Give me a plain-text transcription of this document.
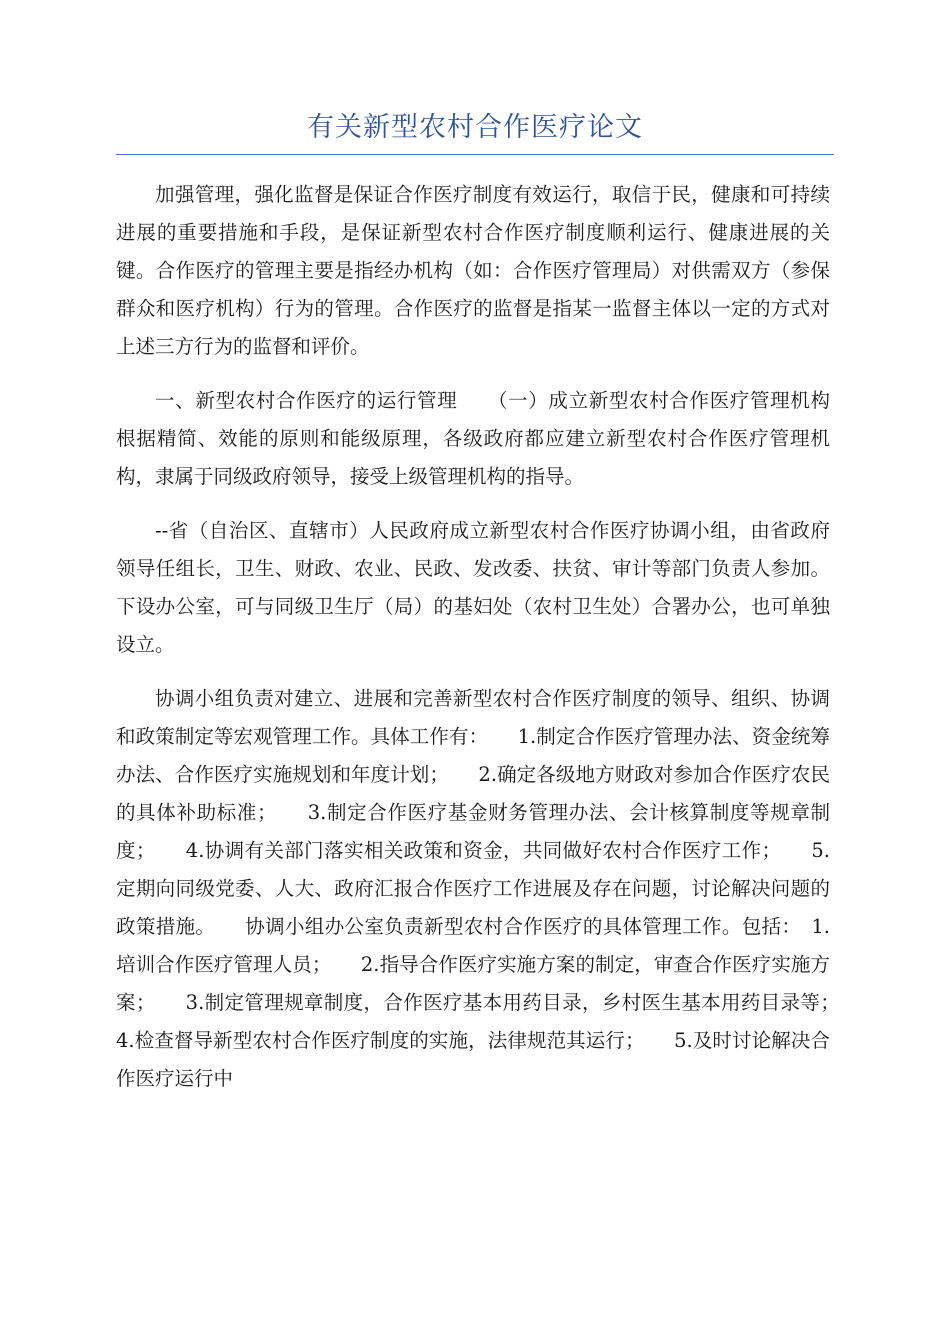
有关新型农村合作医疗论文

加强管理，强化监督是保证合作医疗制度有效运行，取信于民，健康和可持续进展的重要措施和手段，是保证新型农村合作医疗制度顺利运行、健康进展的关键。合作医疗的管理主要是指经办机构（如：合作医疗管理局）对供需双方（参保群众和医疗机构）行为的管理。合作医疗的监督是指某一监督主体以一定的方式对上述三方行为的监督和评价。

一、新型农村合作医疗的运行管理　　（一）成立新型农村合作医疗管理机构　　根据精简、效能的原则和能级原理，各级政府都应建立新型农村合作医疗管理机构，隶属于同级政府领导，接受上级管理机构的指导。

--省（自治区、直辖市）人民政府成立新型农村合作医疗协调小组，由省政府领导任组长，卫生、财政、农业、民政、发改委、扶贫、审计等部门负责人参加。下设办公室，可与同级卫生厅（局）的基妇处（农村卫生处）合署办公，也可单独设立。

协调小组负责对建立、进展和完善新型农村合作医疗制度的领导、组织、协调和政策制定等宏观管理工作。具体工作有：　　1.制定合作医疗管理办法、资金统筹办法、合作医疗实施规划和年度计划；　　2.确定各级地方财政对参加合作医疗农民的具体补助标准；　　3.制定合作医疗基金财务管理办法、会计核算制度等规章制度；　　4.协调有关部门落实相关政策和资金，共同做好农村合作医疗工作；　　5.定期向同级党委、人大、政府汇报合作医疗工作进展及存在问题，讨论解决问题的政策措施。　　协调小组办公室负责新型农村合作医疗的具体管理工作。包括：　1.培训合作医疗管理人员；　　2.指导合作医疗实施方案的制定，审查合作医疗实施方案；　　3.制定管理规章制度，合作医疗基本用药目录，乡村医生基本用药目录等；　　4.检查督导新型农村合作医疗制度的实施，法律规范其运行；　　5.及时讨论解决合作医疗运行中
